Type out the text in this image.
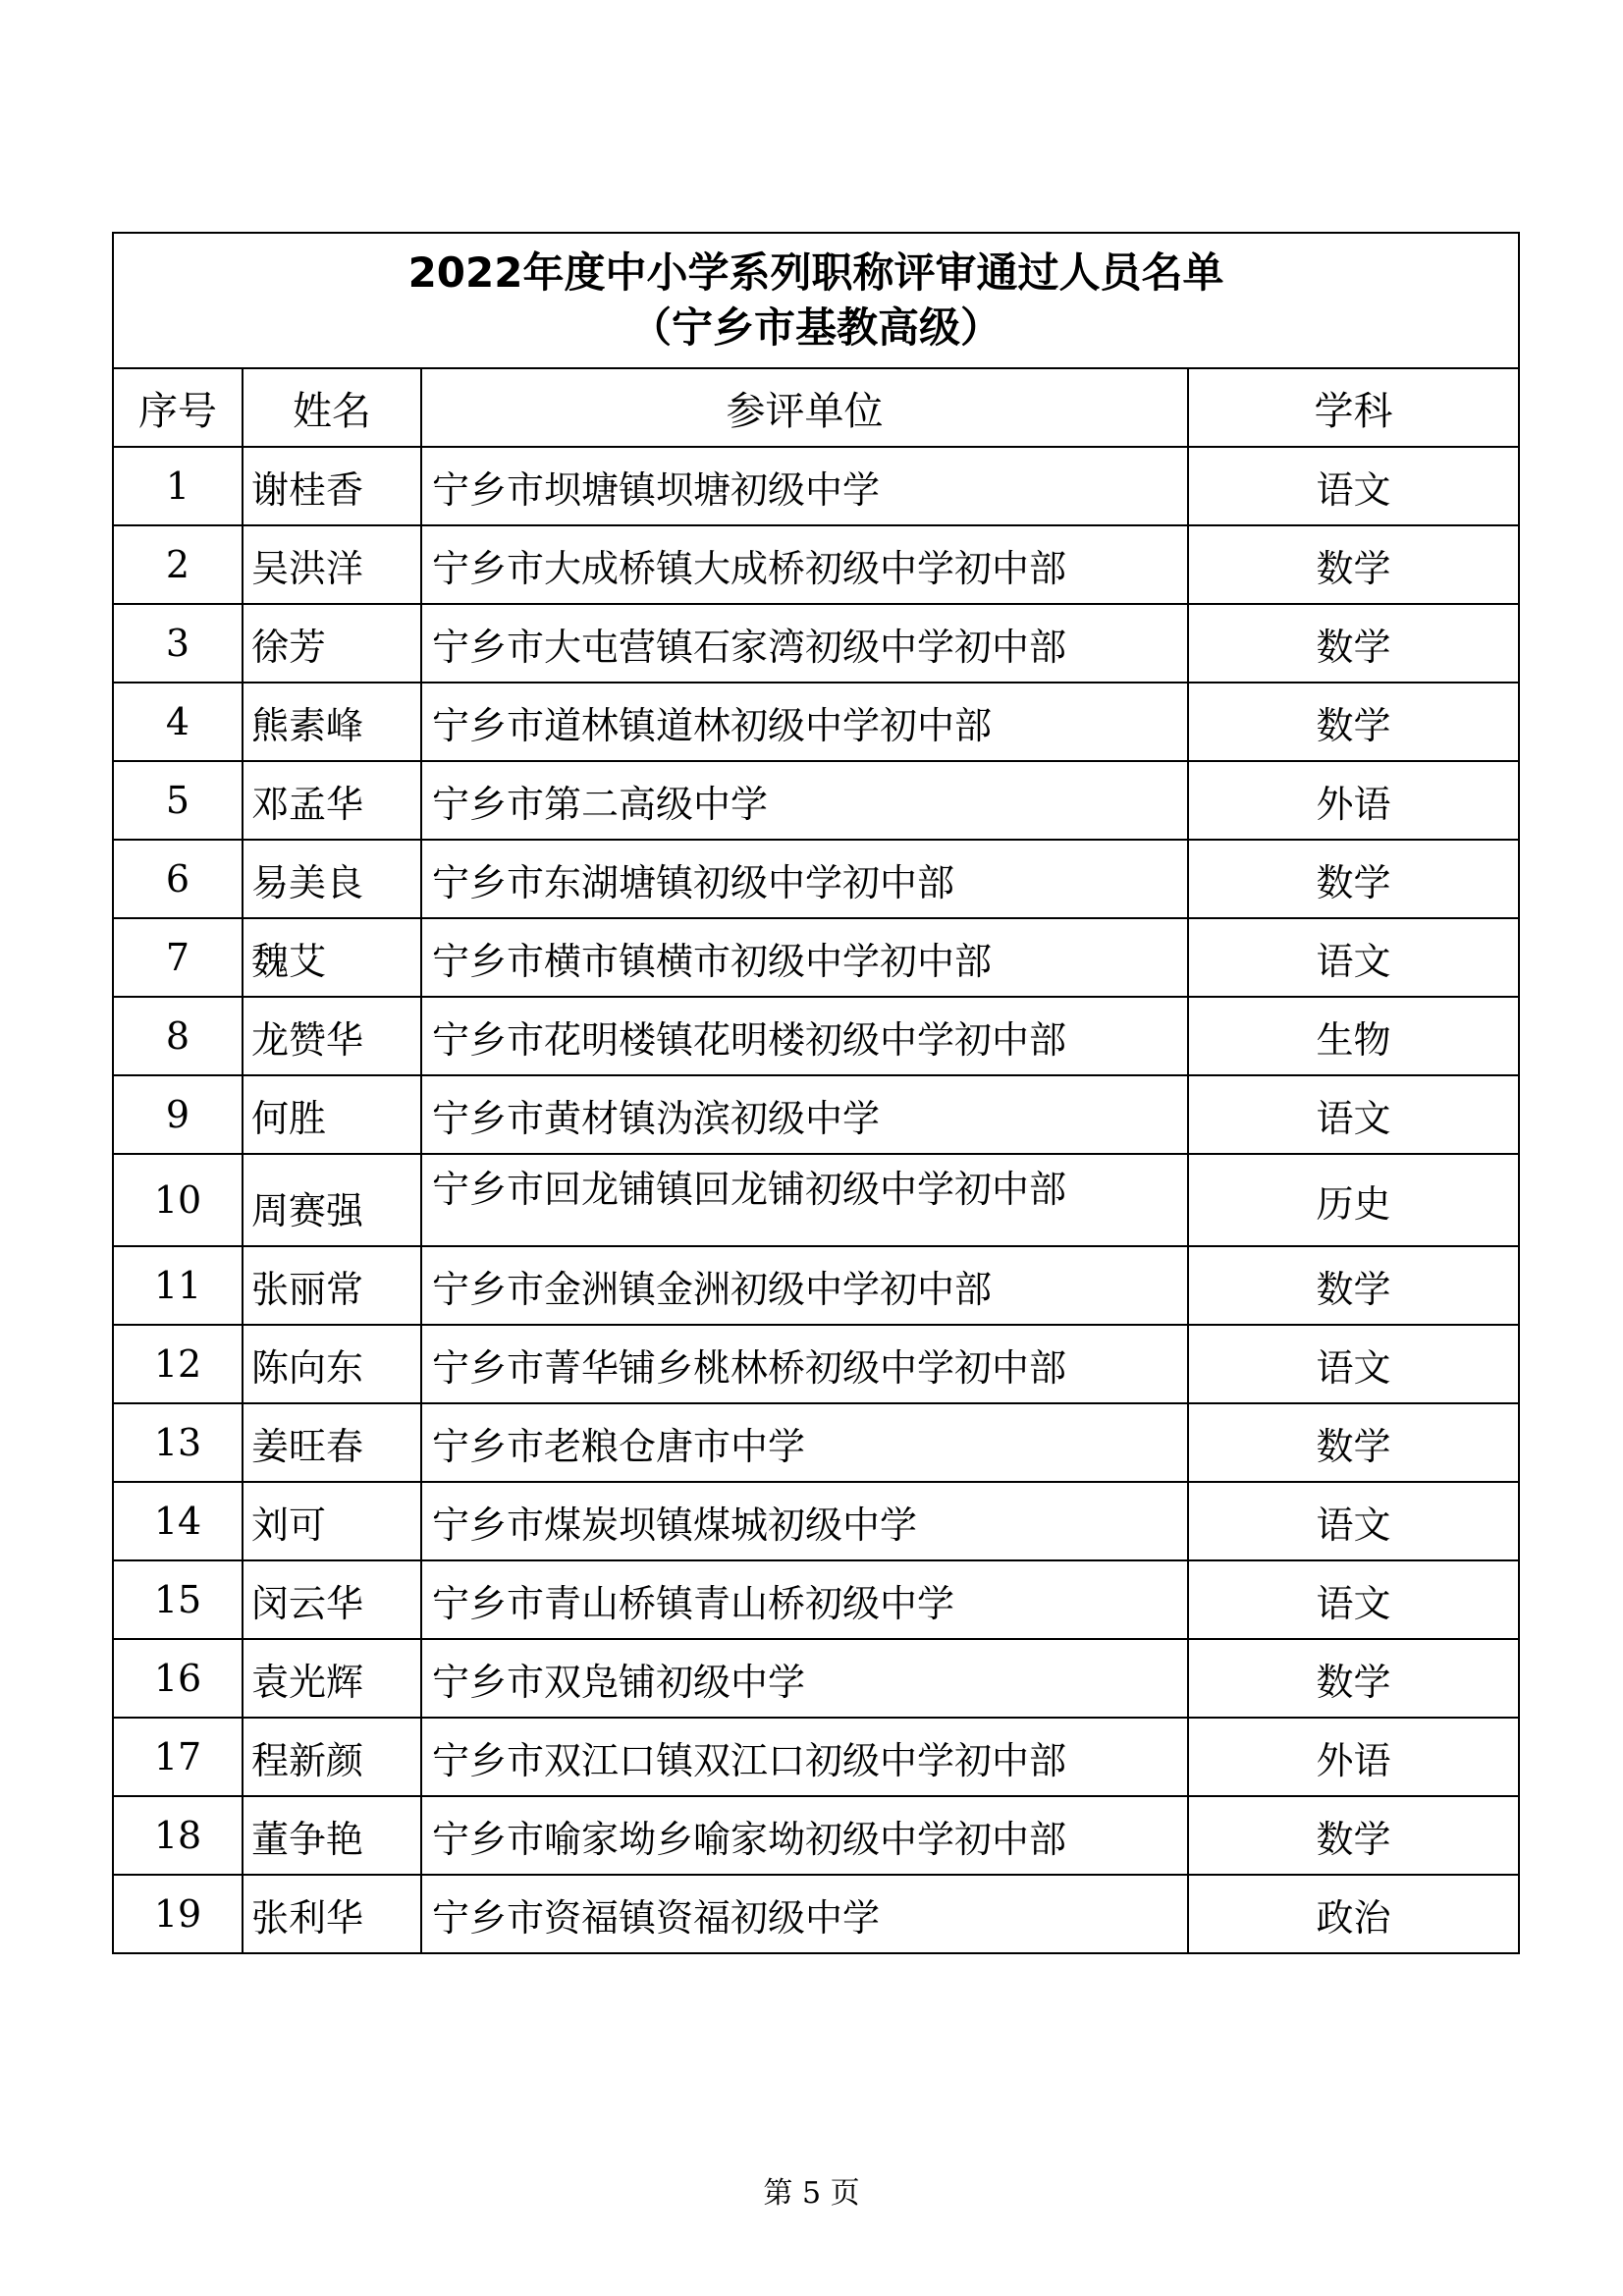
2022年度中小学系列职称评审通过人员名单
（宁乡市基教高级）			

序号	姓名	参评单位	学科
1	谢桂香	宁乡市坝塘镇坝塘初级中学	语文
2	吴洪洋	宁乡市大成桥镇大成桥初级中学初中部	数学
3	徐芳	宁乡市大屯营镇石家湾初级中学初中部	数学
4	熊素峰	宁乡市道林镇道林初级中学初中部	数学
5	邓孟华	宁乡市第二高级中学	外语
6	易美良	宁乡市东湖塘镇初级中学初中部	数学
7	魏艾	宁乡市横市镇横市初级中学初中部	语文
8	龙赞华	宁乡市花明楼镇花明楼初级中学初中部	生物
9	何胜	宁乡市黄材镇沩滨初级中学	语文
10	周赛强	宁乡市回龙铺镇回龙铺初级中学初中部	历史
11	张丽常	宁乡市金洲镇金洲初级中学初中部	数学
12	陈向东	宁乡市菁华铺乡桃林桥初级中学初中部	语文
13	姜旺春	宁乡市老粮仓唐市中学	数学
14	刘可	宁乡市煤炭坝镇煤城初级中学	语文
15	闵云华	宁乡市青山桥镇青山桥初级中学	语文
16	袁光辉	宁乡市双凫铺初级中学	数学
17	程新颜	宁乡市双江口镇双江口初级中学初中部	外语
18	董争艳	宁乡市喻家坳乡喻家坳初级中学初中部	数学
19	张利华	宁乡市资福镇资福初级中学	政治
第 5 页
